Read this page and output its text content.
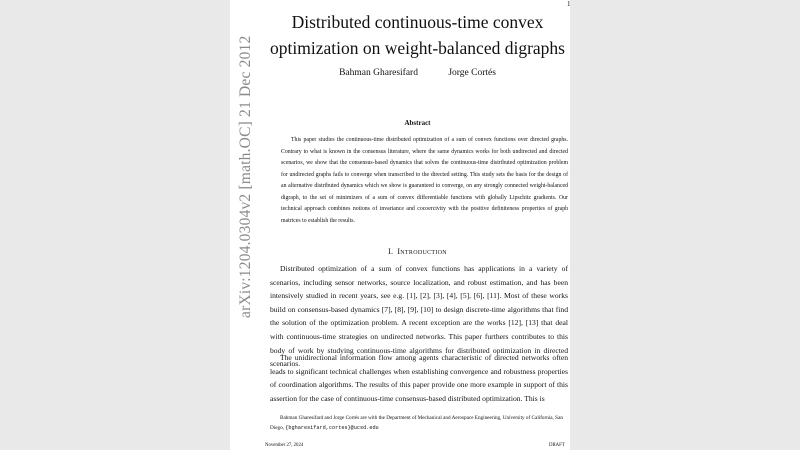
1
arXiv:1204.0304v2 [math.OC] 21 Dec 2012
Distributed continuous-time convex
optimization on weight-balanced digraphs
Bahman Gharesifard	Jorge Cortés
Abstract

This paper studies the continuous-time distributed optimization of a sum of convex functions over directed graphs. Contrary to what is known in the consensus literature, where the same dynamics works for both undirected and directed scenarios, we show that the consensus-based dynamics that solves the continuous-time distributed optimization problem for undirected graphs fails to converge when transcribed to the directed setting. This study sets the basis for the design of an alternative distributed dynamics which we show is guaranteed to converge, on any strongly connected weight-balanced digraph, to the set of minimizers of a sum of convex differentiable functions with globally Lipschitz gradients. Our technical approach combines notions of invariance and cocoercivity with the positive definiteness properties of graph matrices to establish the results.

I. Introduction

Distributed optimization of a sum of convex functions has applications in a variety of scenarios, including sensor networks, source localization, and robust estimation, and has been intensively studied in recent years, see e.g. [1], [2], [3], [4], [5], [6], [11]. Most of these works build on consensus-based dynamics [7], [8], [9], [10] to design discrete-time algorithms that find the solution of the optimization problem. A recent exception are the works [12], [13] that deal with continuous-time strategies on undirected networks. This paper furthers contributes to this body of work by studying continuous-time algorithms for distributed optimization in directed scenarios.

The unidirectional information flow among agents characteristic of directed networks often leads to significant technical challenges when establishing convergence and robustness properties of coordination algorithms. The results of this paper provide one more example in support of this assertion for the case of continuous-time consensus-based distributed optimization. This is

Bahman Gharesifard and Jorge Cortés are with the Department of Mechanical and Aerospace Engineering, University of California, San Diego, {bgharesifard,cortes}@ucsd.edu

November 27, 2024	DRAFT
